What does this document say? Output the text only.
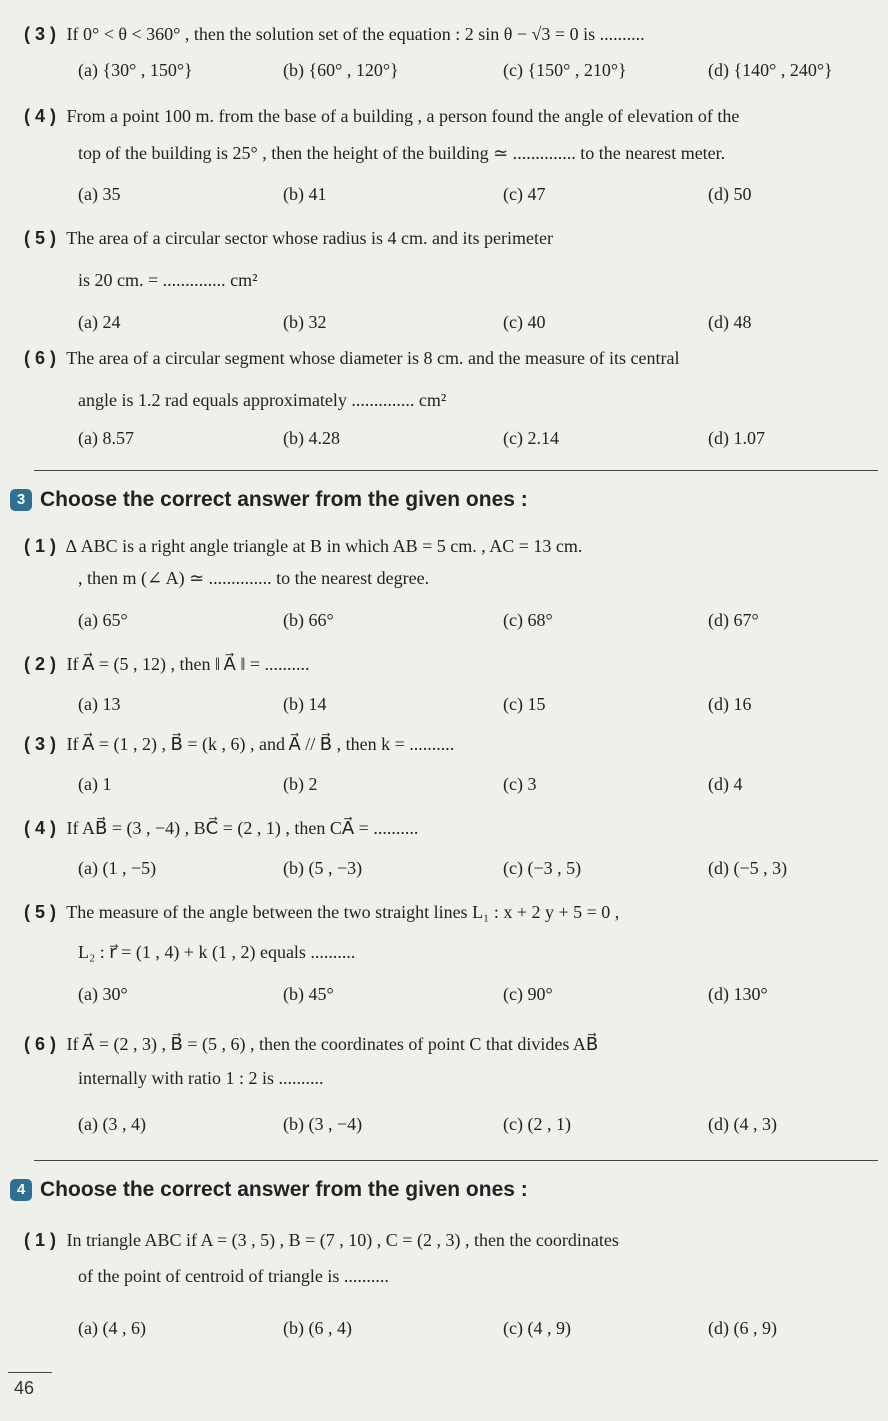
( 3 ) If 0° < θ < 360° , then the solution set of the equation : 2 sin θ − √3 = 0 is ..........
(a) {30° , 150°}	(b) {60° , 120°}	(c) {150° , 210°}	(d) {140° , 240°}
( 4 ) From a point 100 m. from the base of a building , a person found the angle of elevation of the
top of the building is 25° , then the height of the building ≃ .............. to the nearest meter.
(a) 35	(b) 41	(c) 47	(d) 50
( 5 ) The area of a circular sector whose radius is 4 cm. and its perimeter
is 20 cm. = .............. cm²
(a) 24	(b) 32	(c) 40	(d) 48
( 6 ) The area of a circular segment whose diameter is 8 cm. and the measure of its central
angle is 1.2 rad equals approximately .............. cm²
(a) 8.57	(b) 4.28	(c) 2.14	(d) 1.07
3 Choose the correct answer from the given ones :
( 1 ) Δ ABC is a right angle triangle at B in which AB = 5 cm. , AC = 13 cm.
, then m (∠ A) ≃ .............. to the nearest degree.
(a) 65°	(b) 66°	(c) 68°	(d) 67°
( 2 ) If A⃗ = (5 , 12) , then ‖ A⃗ ‖ = ..........
(a) 13	(b) 14	(c) 15	(d) 16
( 3 ) If A⃗ = (1 , 2) , B⃗ = (k , 6) , and A⃗ // B⃗ , then k = ..........
(a) 1	(b) 2	(c) 3	(d) 4
( 4 ) If AB⃗ = (3 , −4) , BC⃗ = (2 , 1) , then CA⃗ = ..........
(a) (1 , −5)	(b) (5 , −3)	(c) (−3 , 5)	(d) (−5 , 3)
( 5 ) The measure of the angle between the two straight lines L₁ : x + 2 y + 5 = 0 ,
L₂ : r⃗ = (1 , 4) + k (1 , 2) equals ..........
(a) 30°	(b) 45°	(c) 90°	(d) 130°
( 6 ) If A⃗ = (2 , 3) , B⃗ = (5 , 6) , then the coordinates of point C that divides AB⃗
internally with ratio 1 : 2 is ..........
(a) (3 , 4)	(b) (3 , −4)	(c) (2 , 1)	(d) (4 , 3)
4 Choose the correct answer from the given ones :
( 1 ) In triangle ABC if A = (3 , 5) , B = (7 , 10) , C = (2 , 3) , then the coordinates
of the point of centroid of triangle is ..........
(a) (4 , 6)	(b) (6 , 4)	(c) (4 , 9)	(d) (6 , 9)
46
